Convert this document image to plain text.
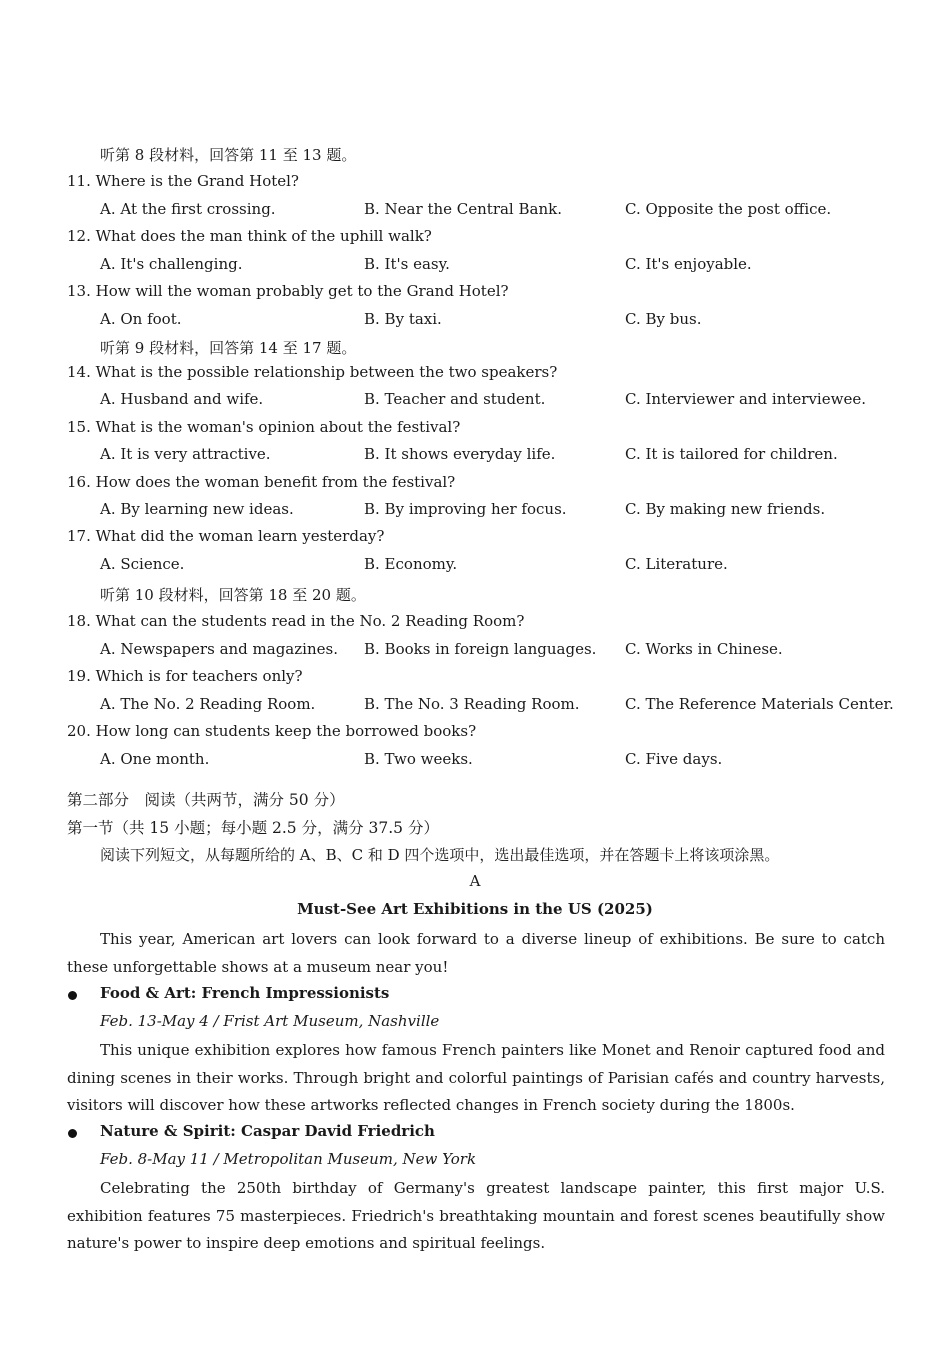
听第 8 段材料，回答第 11 至 13 题。
11. Where is the Grand Hotel?
A. At the first crossing.	B. Near the Central Bank.	C. Opposite the post office.
12. What does the man think of the uphill walk?
A. It's challenging.	B. It's easy.	C. It's enjoyable.
13. How will the woman probably get to the Grand Hotel?
A. On foot.	B. By taxi.	C. By bus.
听第 9 段材料，回答第 14 至 17 题。
14. What is the possible relationship between the two speakers?
A. Husband and wife.	B. Teacher and student.	C. Interviewer and interviewee.
15. What is the woman's opinion about the festival?
A. It is very attractive.	B. It shows everyday life.	C. It is tailored for children.
16. How does the woman benefit from the festival?
A. By learning new ideas.	B. By improving her focus.	C. By making new friends.
17. What did the woman learn yesterday?
A. Science.	B. Economy.	C. Literature.
听第 10 段材料，回答第 18 至 20 题。
18. What can the students read in the No. 2 Reading Room?
A. Newspapers and magazines. B. Books in foreign languages. C. Works in Chinese.
19. Which is for teachers only?
A. The No. 2 Reading Room.	B. The No. 3 Reading Room.	C. The Reference Materials Center.
20. How long can students keep the borrowed books?
A. One month.	B. Two weeks.	C. Five days.
第二部分　阅读（共两节，满分 50 分）
第一节（共 15 小题；每小题 2.5 分，满分 37.5 分）
阅读下列短文，从每题所给的 A、B、C 和 D 四个选项中，选出最佳选项，并在答题卡上将该项涂黑。
A
Must-See Art Exhibitions in the US (2025)

This year, American art lovers can look forward to a diverse lineup of exhibitions. Be sure to catch these unforgettable shows at a museum near you!

Food & Art: French Impressionists
Feb. 13-May 4 / Frist Art Museum, Nashville

This unique exhibition explores how famous French painters like Monet and Renoir captured food and dining scenes in their works. Through bright and colorful paintings of Parisian cafés and country harvests, visitors will discover how these artworks reflected changes in French society during the 1800s.

Nature & Spirit: Caspar David Friedrich
Feb. 8-May 11 / Metropolitan Museum, New York

Celebrating the 250th birthday of Germany's greatest landscape painter, this first major U.S. exhibition features 75 masterpieces. Friedrich's breathtaking mountain and forest scenes beautifully show nature's power to inspire deep emotions and spiritual feelings.
